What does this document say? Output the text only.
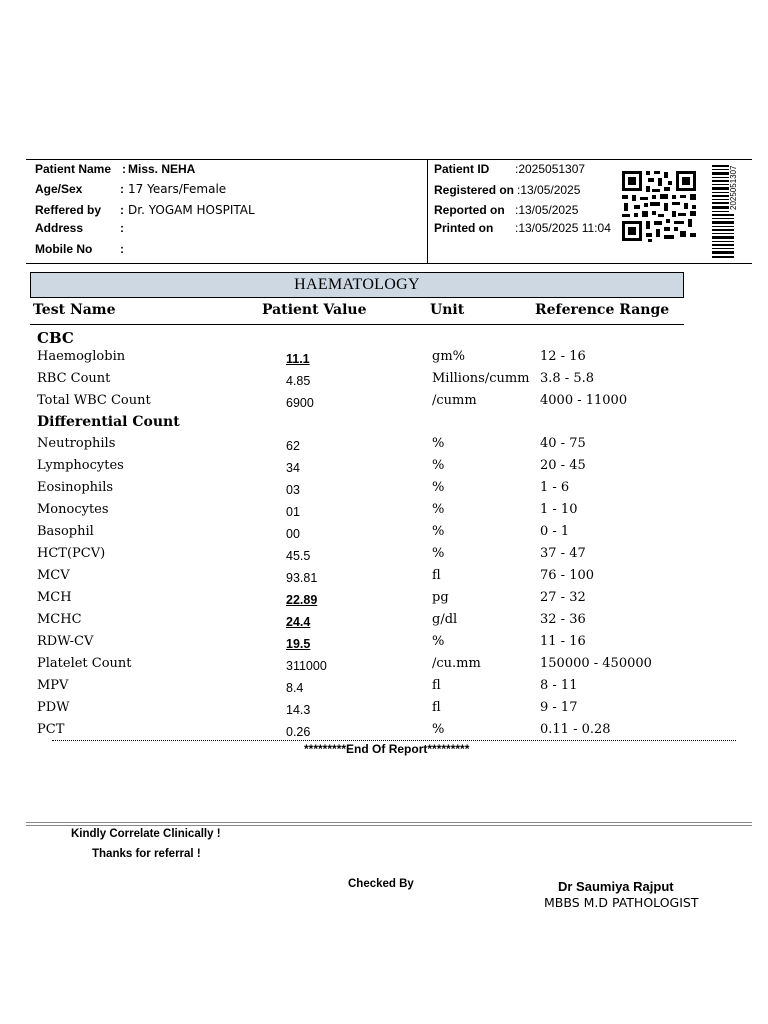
Patient Name : Miss. NEHA
Age/Sex	: 17 Years/Female
Reffered by : Dr. YOGAM HOSPITAL
Address	:
Mobile No :
Patient ID :2025051307
Registered on :13/05/2025
Reported on :13/05/2025
Printed on :13/05/2025 11:04
2025051307
HAEMATOLOGY
Test Name	Patient Value	Unit	Reference Range
CBC
Haemoglobin	11.1	gm%	12 - 16
RBC Count	4.85	Millions/cumm 3.8 - 5.8
Total WBC Count	6900	/cumm	4000 - 11000
Differential Count
Neutrophils	62	%	40 - 75
Lymphocytes	34	%	20 - 45
Eosinophils	03	%	1 - 6
Monocytes	01	%	1 - 10
Basophil	00	%	0 - 1
HCT(PCV)	45.5	%	37 - 47
MCV	93.81	fl	76 - 100
MCH	22.89	pg	27 - 32
MCHC	24.4	g/dl	32 - 36
RDW-CV	19.5	%	11 - 16
Platelet Count	311000	/cu.mm	150000 - 450000
MPV	8.4	fl	8 - 11
PDW	14.3	fl	9 - 17
PCT	0.26	%	0.11 - 0.28
*********End Of Report*********
Kindly Correlate Clinically !
Thanks for referral !
Checked By	Dr Saumiya Rajput
MBBS M.D PATHOLOGIST
